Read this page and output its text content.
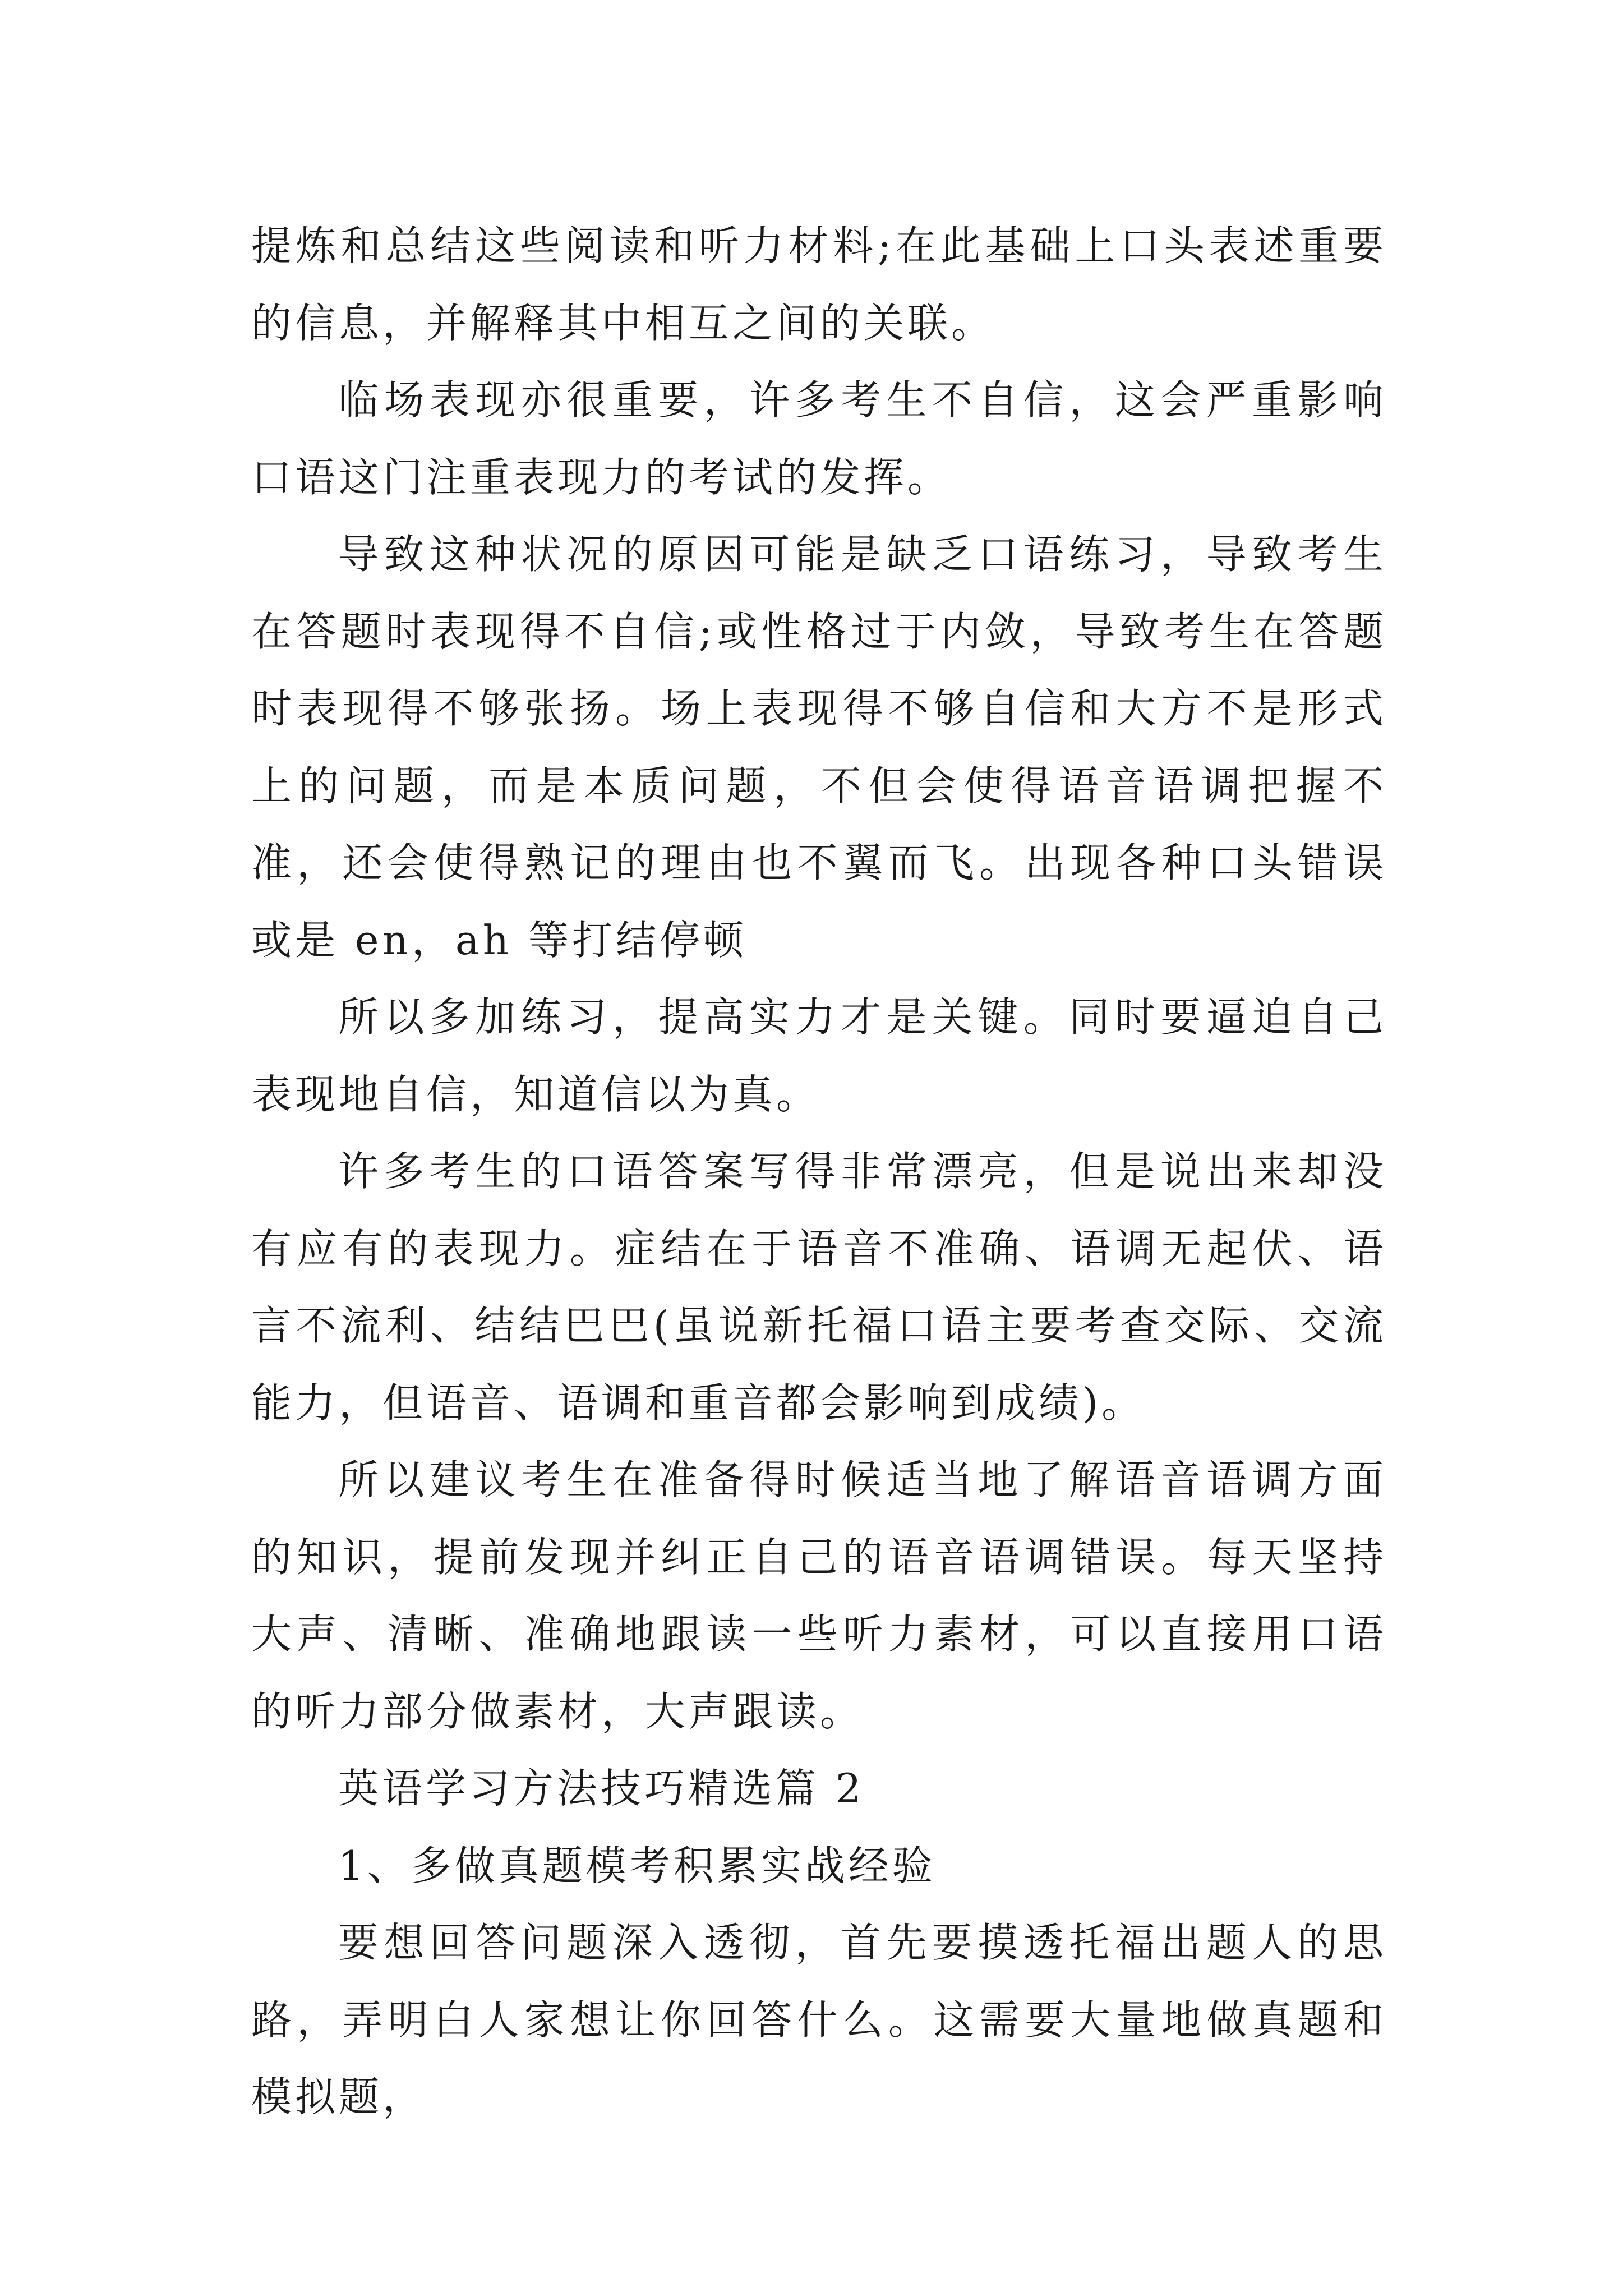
提炼和总结这些阅读和听力材料;在此基础上口头表述重要的信息，并解释其中相互之间的关联。

临场表现亦很重要，许多考生不自信，这会严重影响口语这门注重表现力的考试的发挥。

导致这种状况的原因可能是缺乏口语练习，导致考生在答题时表现得不自信;或性格过于内敛，导致考生在答题时表现得不够张扬。场上表现得不够自信和大方不是形式上的问题，而是本质问题，不但会使得语音语调把握不准，还会使得熟记的理由也不翼而飞。出现各种口头错误或是 en，ah 等打结停顿

所以多加练习，提高实力才是关键。同时要逼迫自己表现地自信，知道信以为真。

许多考生的口语答案写得非常漂亮，但是说出来却没有应有的表现力。症结在于语音不准确、语调无起伏、语言不流利、结结巴巴(虽说新托福口语主要考查交际、交流能力，但语音、语调和重音都会影响到成绩)。

所以建议考生在准备得时候适当地了解语音语调方面的知识，提前发现并纠正自己的语音语调错误。每天坚持大声、清晰、准确地跟读一些听力素材，可以直接用口语的听力部分做素材，大声跟读。

英语学习方法技巧精选篇 2

1、多做真题模考积累实战经验

要想回答问题深入透彻，首先要摸透托福出题人的思路，弄明白人家想让你回答什么。这需要大量地做真题和模拟题，
